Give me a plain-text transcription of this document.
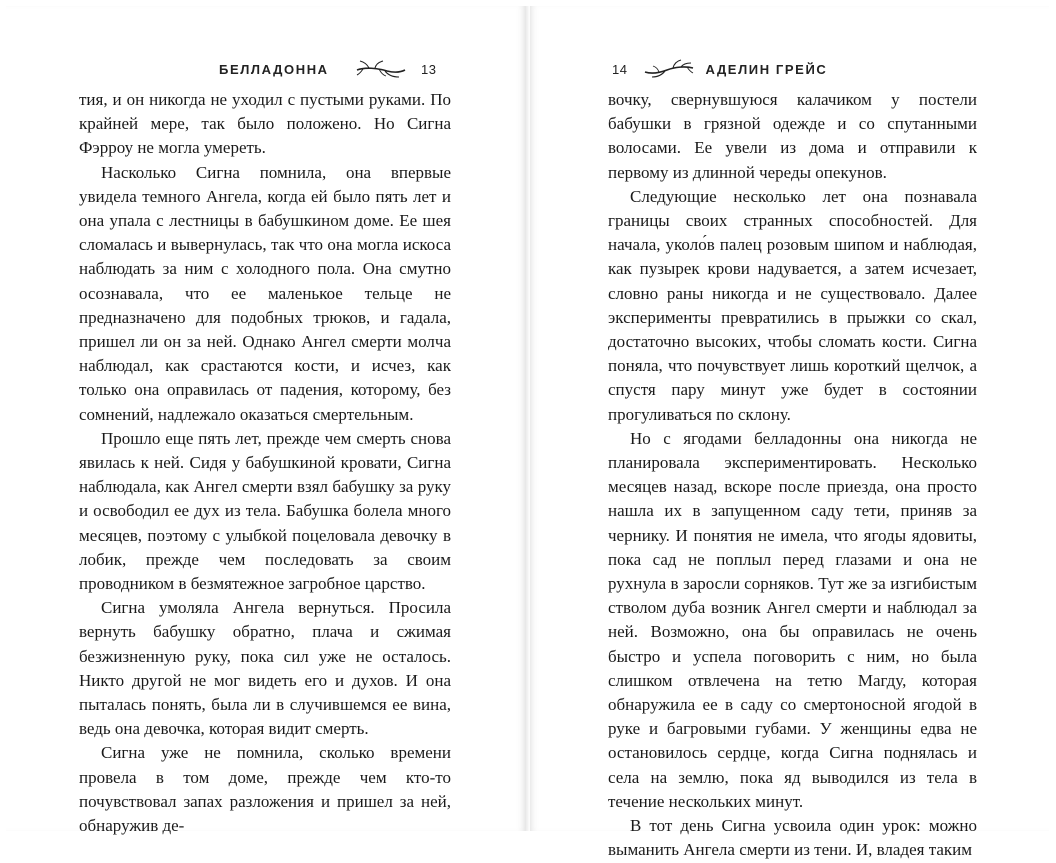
БЕЛЛАДОННА	13

тия, и он никогда не уходил с пустыми руками. По крайней мере, так было положено. Но Сигна Фэрроу не могла умереть.

Насколько Сигна помнила, она впервые увидела темного Ангела, когда ей было пять лет и она упала с лестницы в бабушкином доме. Ее шея сломалась и вывернулась, так что она могла искоса наблюдать за ним с холодного пола. Она смутно осознавала, что ее маленькое тельце не предназначено для подобных трюков, и гадала, пришел ли он за ней. Однако Ангел смерти молча наблюдал, как срастаются кости, и исчез, как только она оправилась от падения, которому, без сомнений, надлежало оказаться смертельным.

Прошло еще пять лет, прежде чем смерть снова явилась к ней. Сидя у бабушкиной кровати, Сигна наблюдала, как Ангел смерти взял бабушку за руку и освободил ее дух из тела. Бабушка болела много месяцев, поэтому с улыбкой поцеловала девочку в лобик, прежде чем последовать за своим проводником в безмятежное загробное царство.

Сигна умоляла Ангела вернуться. Просила вернуть бабушку обратно, плача и сжимая безжизненную руку, пока сил уже не осталось. Никто другой не мог видеть его и духов. И она пыталась понять, была ли в случившемся ее вина, ведь она девочка, которая видит смерть.

Сигна уже не помнила, сколько времени провела в том доме, прежде чем кто-то почувствовал запах разложения и пришел за ней, обнаружив де-

14	АДЕЛИН ГРЕЙС

вочку, свернувшуюся калачиком у постели бабушки в грязной одежде и со спутанными волосами. Ее увели из дома и отправили к первому из длинной череды опекунов.

Следующие несколько лет она познавала границы своих странных способностей. Для начала, уколо́в палец розовым шипом и наблюдая, как пузырек крови надувается, а затем исчезает, словно раны никогда и не существовало. Далее эксперименты превратились в прыжки со скал, достаточно высоких, чтобы сломать кости. Сигна поняла, что почувствует лишь короткий щелчок, а спустя пару минут уже будет в состоянии прогуливаться по склону.

Но с ягодами белладонны она никогда не планировала экспериментировать. Несколько месяцев назад, вскоре после приезда, она просто нашла их в запущенном саду тети, приняв за чернику. И понятия не имела, что ягоды ядовиты, пока сад не поплыл перед глазами и она не рухнула в заросли сорняков. Тут же за изгибистым стволом дуба возник Ангел смерти и наблюдал за ней. Возможно, она бы оправилась не очень быстро и успела поговорить с ним, но была слишком отвлечена на тетю Магду, которая обнаружила ее в саду со смертоносной ягодой в руке и багровыми губами. У женщины едва не остановилось сердце, когда Сигна поднялась и села на землю, пока яд выводился из тела в течение нескольких минут.

В тот день Сигна усвоила один урок: можно выманить Ангела смерти из тени. И, владея таким
